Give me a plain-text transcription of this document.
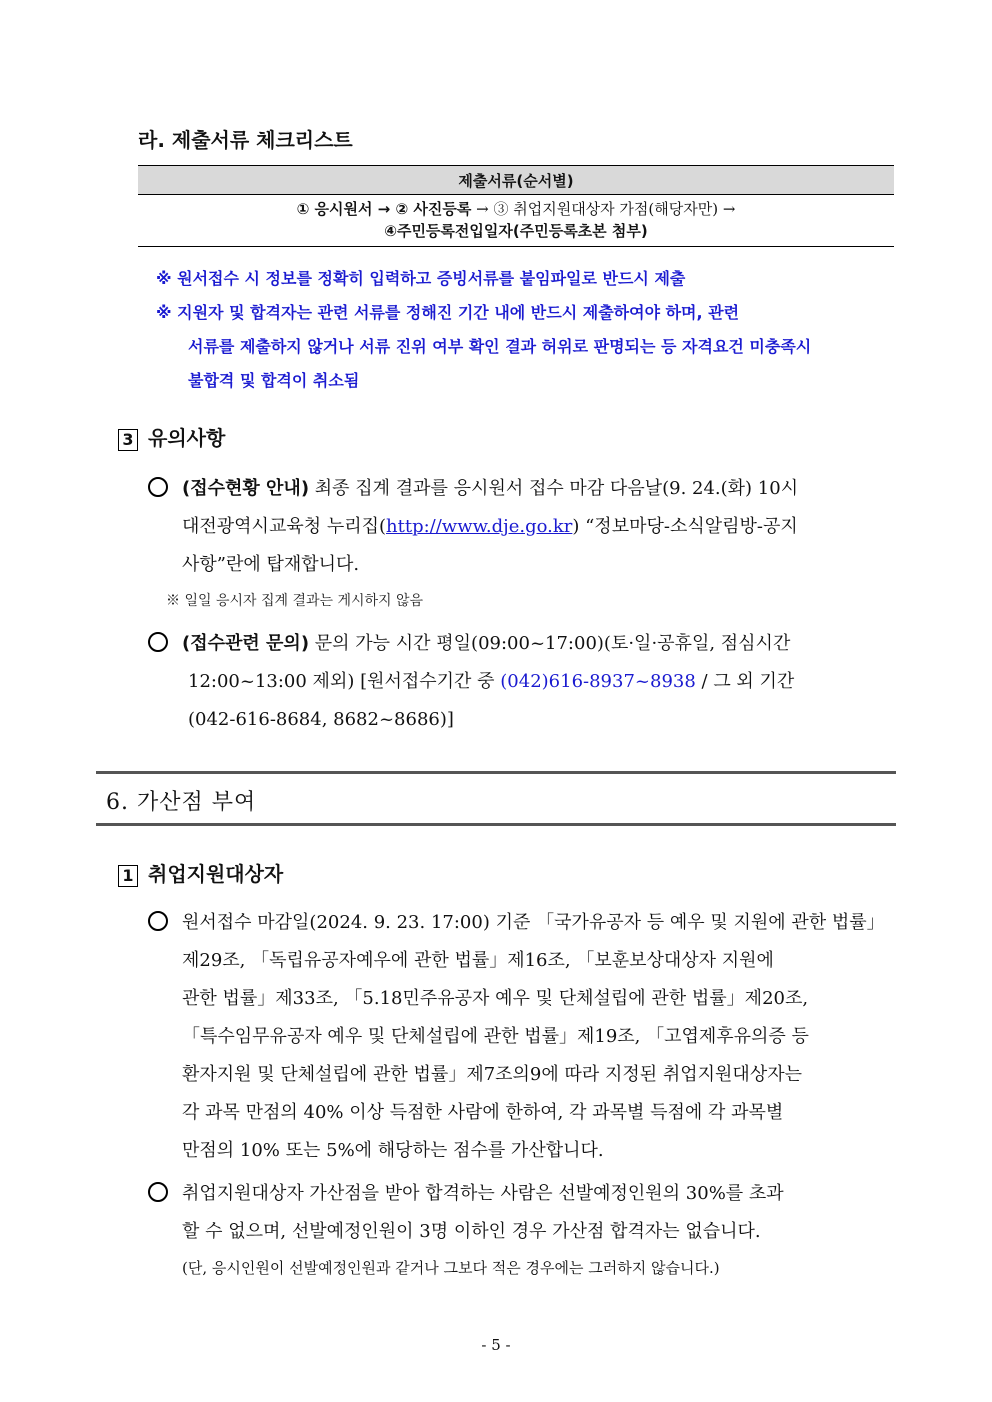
라. 제출서류 체크리스트
제출서류(순서별)
① 응시원서 → ② 사진등록 → ③ 취업지원대상자 가점(해당자만) →
④주민등록전입일자(주민등록초본 첨부)
※ 원서접수 시 정보를 정확히 입력하고 증빙서류를 붙임파일로 반드시 제출
※ 지원자 및 합격자는 관련 서류를 정해진 기간 내에 반드시 제출하여야 하며, 관련
서류를 제출하지 않거나 서류 진위 여부 확인 결과 허위로 판명되는 등 자격요건 미충족시
불합격 및 합격이 취소됨
3 유의사항
(접수현황 안내) 최종 집계 결과를 응시원서 접수 마감 다음날(9. 24.(화) 10시
대전광역시교육청 누리집(http://www.dje.go.kr) “정보마당-소식알림방-공지
사항”란에 탑재합니다.
※ 일일 응시자 집계 결과는 게시하지 않음
(접수관련 문의) 문의 가능 시간 평일(09:00~17:00)(토·일·공휴일, 점심시간
12:00~13:00 제외) [원서접수기간 중 (042)616-8937~8938 / 그 외 기간
(042-616-8684, 8682~8686)]
6. 가산점 부여
1 취업지원대상자
원서접수 마감일(2024. 9. 23. 17:00) 기준 「국가유공자 등 예우 및 지원에 관한 법률」
제29조, 「독립유공자예우에 관한 법률」제16조, 「보훈보상대상자 지원에
관한 법률」제33조, 「5.18민주유공자 예우 및 단체설립에 관한 법률」제20조,
「특수임무유공자 예우 및 단체설립에 관한 법률」제19조, 「고엽제후유의증 등
환자지원 및 단체설립에 관한 법률」제7조의9에 따라 지정된 취업지원대상자는
각 과목 만점의 40% 이상 득점한 사람에 한하여, 각 과목별 득점에 각 과목별
만점의 10% 또는 5%에 해당하는 점수를 가산합니다.
취업지원대상자 가산점을 받아 합격하는 사람은 선발예정인원의 30%를 초과
할 수 없으며, 선발예정인원이 3명 이하인 경우 가산점 합격자는 없습니다.
(단, 응시인원이 선발예정인원과 같거나 그보다 적은 경우에는 그러하지 않습니다.)
- 5 -
